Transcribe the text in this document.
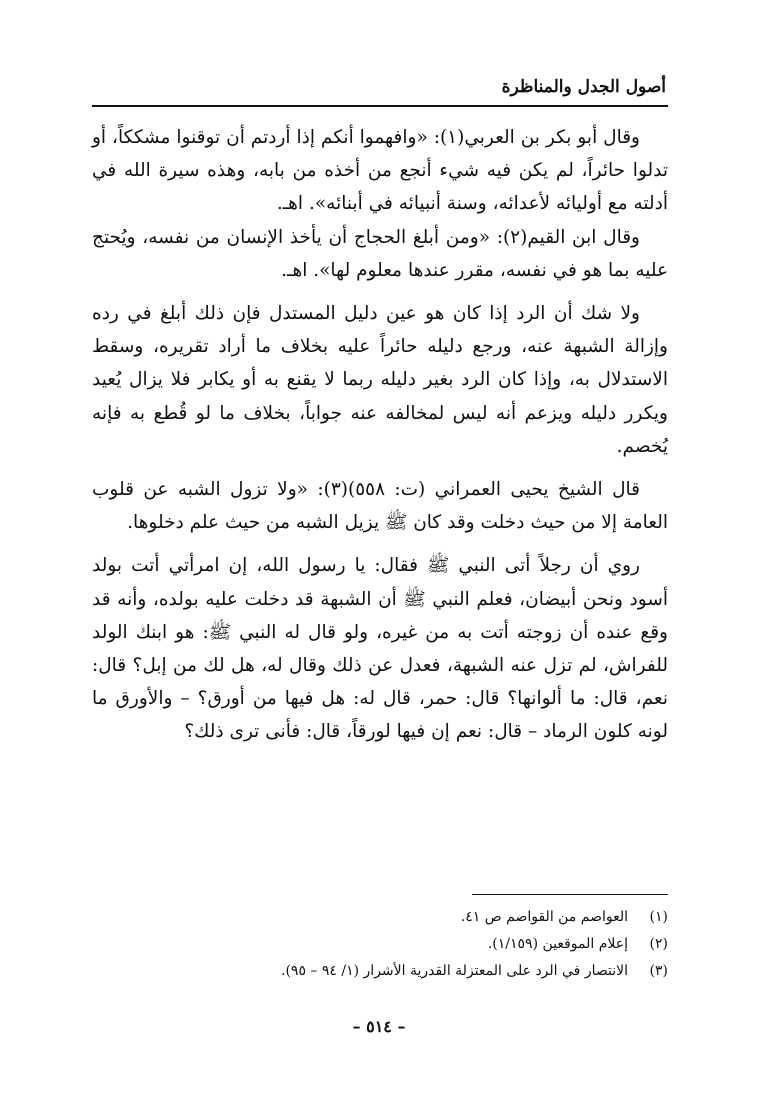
أصول الجدل والمناظرة

وقال أبو بكر بن العربي(١): «وافهموا أنكم إذا أردتم أن توقنوا مشككاً، أو تدلوا حائراً، لم يكن فيه شيء أنجع من أخذه من بابه، وهذه سيرة الله في أدلته مع أوليائه لأعدائه، وسنة أنبيائه في أبنائه». اهـ.

وقال ابن القيم(٢): «ومن أبلغ الحجاج أن يأخذ الإنسان من نفسه، ويُحتج عليه بما هو في نفسه، مقرر عندها معلوم لها». اهـ.

ولا شك أن الرد إذا كان هو عين دليل المستدل فإن ذلك أبلغ في رده وإزالة الشبهة عنه، ورجع دليله حائراً عليه بخلاف ما أراد تقريره، وسقط الاستدلال به، وإذا كان الرد بغير دليله ربما لا يقنع به أو يكابر فلا يزال يُعيد ويكرر دليله ويزعم أنه ليس لمخالفه عنه جواباً، بخلاف ما لو قُطع به فإنه يُخصم.

قال الشيخ يحيى العمراني (ت: ٥٥٨)(٣): «ولا تزول الشبه عن قلوب العامة إلا من حيث دخلت وقد كان ﷺ يزيل الشبه من حيث علم دخلوها.

روي أن رجلاً أتى النبي ﷺ فقال: يا رسول الله، إن امرأتي أتت بولد أسود ونحن أبيضان، فعلم النبي ﷺ أن الشبهة قد دخلت عليه بولده، وأنه قد وقع عنده أن زوجته أتت به من غيره، ولو قال له النبي ﷺ: هو ابنك الولد للفراش، لم تزل عنه الشبهة، فعدل عن ذلك وقال له، هل لك من إبل؟ قال: نعم، قال: ما ألوانها؟ قال: حمر، قال له: هل فيها من أورق؟ – والأورق ما لونه كلون الرماد – قال: نعم إن فيها لورقاً، قال: فأنى ترى ذلك؟

(١)
العواصم من القواصم ص ٤١.
(٢)
إعلام الموقعين (١/١٥٩).
(٣)
الانتصار في الرد على المعتزلة القدرية الأشرار (١/ ٩٤ – ٩٥).
– ٥١٤ –
